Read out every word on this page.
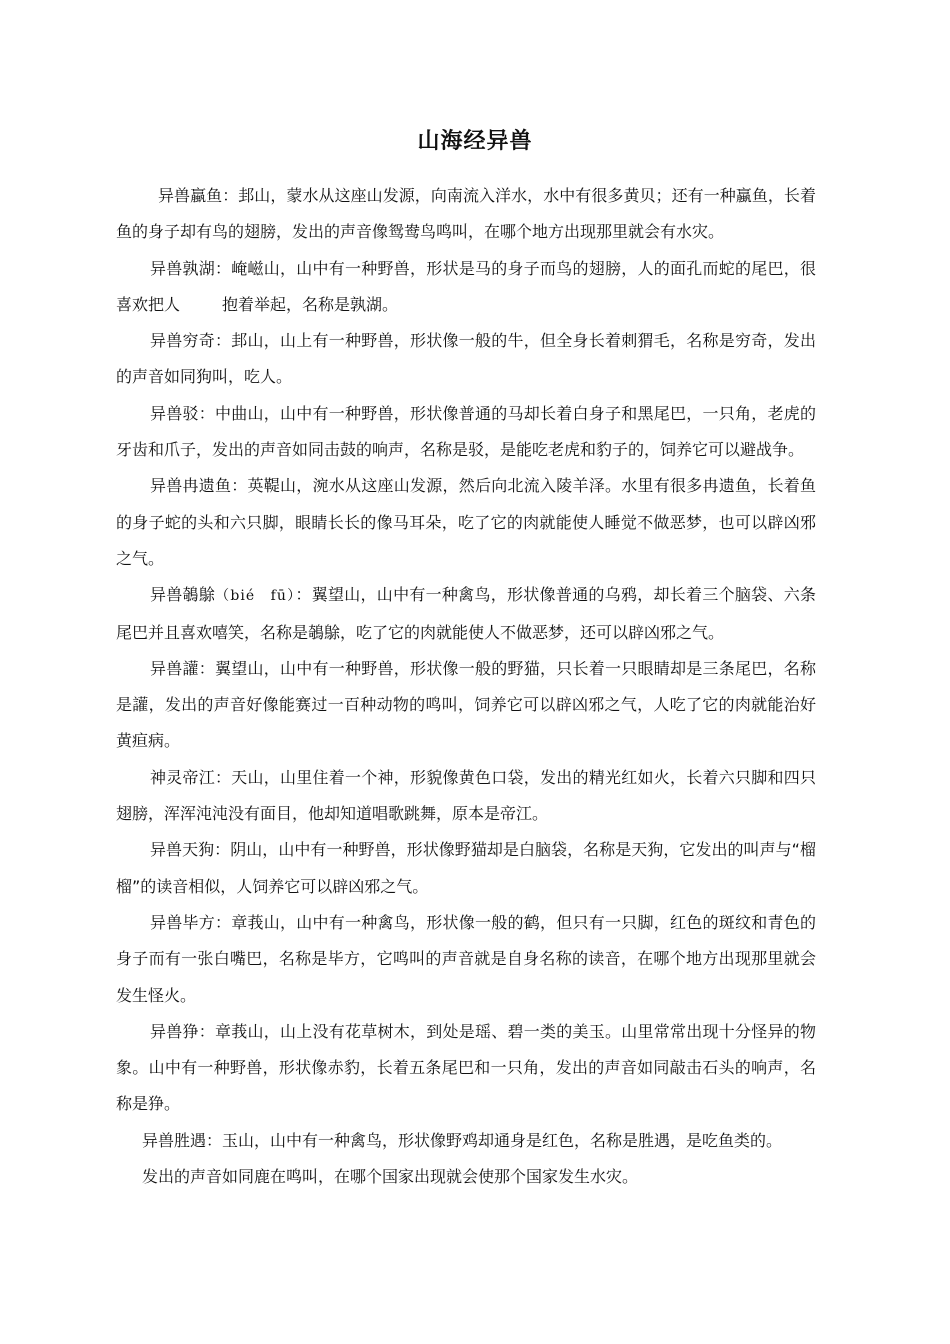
山海经异兽

异兽蠃鱼：邽山，蒙水从这座山发源，向南流入洋水，水中有很多黄贝；还有一种蠃鱼，长着鱼的身子却有鸟的翅膀，发出的声音像鸳鸯鸟鸣叫，在哪个地方出现那里就会有水灾。

异兽孰湖：崦嵫山，山中有一种野兽，形状是马的身子而鸟的翅膀，人的面孔而蛇的尾巴，很喜欢把人	抱着举起，名称是孰湖。

异兽穷奇：邽山，山上有一种野兽，形状像一般的牛，但全身长着刺猬毛，名称是穷奇，发出的声音如同狗叫，吃人。

异兽驳：中曲山，山中有一种野兽，形状像普通的马却长着白身子和黑尾巴，一只角，老虎的牙齿和爪子，发出的声音如同击鼓的响声，名称是驳，是能吃老虎和豹子的，饲养它可以避战争。

异兽冉遗鱼：英鞮山，涴水从这座山发源，然后向北流入陵羊泽。水里有很多冉遗鱼，长着鱼的身子蛇的头和六只脚，眼睛长长的像马耳朵，吃了它的肉就能使人睡觉不做恶梦，也可以辟凶邪之气。

异兽鵸鵌（bié　fū）：翼望山，山中有一种禽鸟，形状像普通的乌鸦，却长着三个脑袋、六条尾巴并且喜欢嘻笑，名称是鵸鵌，吃了它的肉就能使人不做恶梦，还可以辟凶邪之气。

异兽讙：翼望山，山中有一种野兽，形状像一般的野猫，只长着一只眼睛却是三条尾巴，名称是讙，发出的声音好像能赛过一百种动物的鸣叫，饲养它可以辟凶邪之气，人吃了它的肉就能治好黄疸病。

神灵帝江：天山，山里住着一个神，形貌像黄色口袋，发出的精光红如火，长着六只脚和四只翅膀，浑浑沌沌没有面目，他却知道唱歌跳舞，原本是帝江。

异兽天狗：阴山，山中有一种野兽，形状像野猫却是白脑袋，名称是天狗，它发出的叫声与“榴榴”的读音相似，人饲养它可以辟凶邪之气。

异兽毕方：章莪山，山中有一种禽鸟，形状像一般的鹤，但只有一只脚，红色的斑纹和青色的身子而有一张白嘴巴，名称是毕方，它鸣叫的声音就是自身名称的读音，在哪个地方出现那里就会发生怪火。

异兽狰：章莪山，山上没有花草树木，到处是瑶、碧一类的美玉。山里常常出现十分怪异的物象。山中有一种野兽，形状像赤豹，长着五条尾巴和一只角，发出的声音如同敲击石头的响声，名称是狰。

异兽胜遇：玉山，山中有一种禽鸟，形状像野鸡却通身是红色，名称是胜遇，是吃鱼类的。

发出的声音如同鹿在鸣叫，在哪个国家出现就会使那个国家发生水灾。
